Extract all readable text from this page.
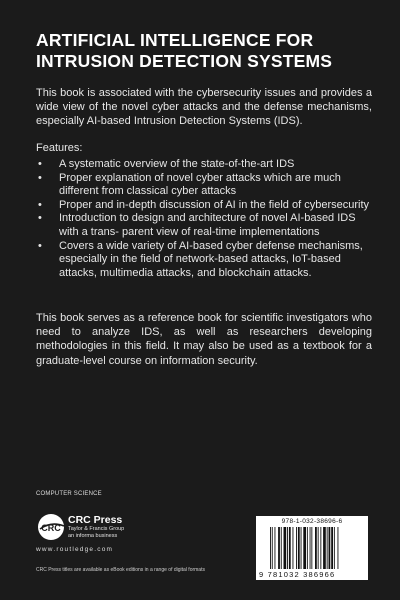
ARTIFICIAL INTELLIGENCE FOR
INTRUSION DETECTION SYSTEMS
This book is associated with the cybersecurity issues and provides a wide view of the novel cyber attacks and the defense mechanisms, especially AI-based Intrusion Detection Systems (IDS).
Features:
• A systematic overview of the state-of-the-art IDS
• Proper explanation of novel cyber attacks which are much different from classical cyber attacks
• Proper and in-depth discussion of AI in the field of cybersecurity
• Introduction to design and architecture of novel AI-based IDS with a trans- parent view of real-time implementations
• Covers a wide variety of AI-based cyber defense mechanisms, especially in the field of network-based attacks, IoT-based attacks, multimedia attacks, and blockchain attacks.
This book serves as a reference book for scientific investigators who need to analyze IDS, as well as researchers developing methodologies in this field. It may also be used as a textbook for a graduate-level course on information security.
COMPUTER SCIENCE
CRC
CRC Press
Taylor & Francis Group
an informa business
www.routledge.com
CRC Press titles are available as eBook editions in a range of digital formats
978-1-032-38696-6
9 781032 386966
